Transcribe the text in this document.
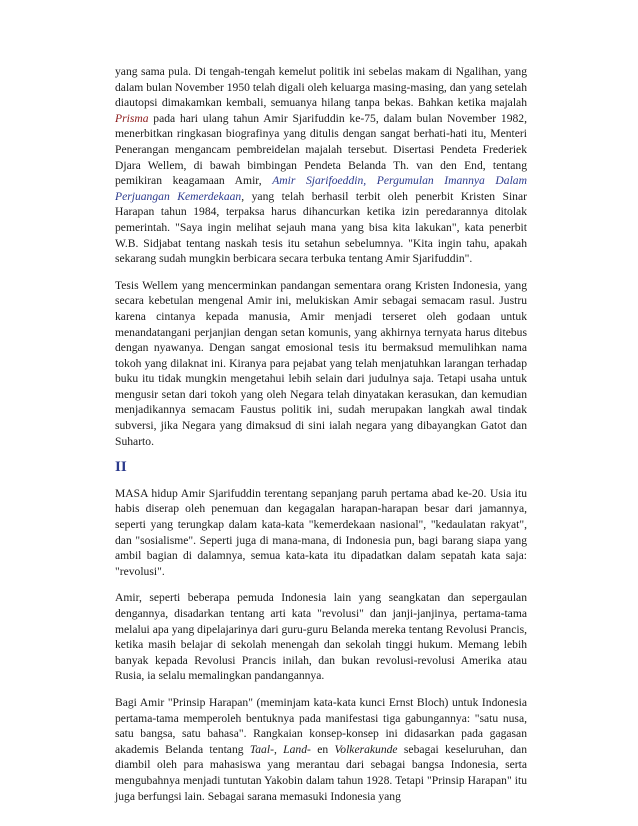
yang sama pula. Di tengah-tengah kemelut politik ini sebelas makam di Ngalihan, yang dalam bulan November 1950 telah digali oleh keluarga masing-masing, dan yang setelah diautopsi dimakamkan kembali, semuanya hilang tanpa bekas. Bahkan ketika majalah Prisma pada hari ulang tahun Amir Sjarifuddin ke-75, dalam bulan November 1982, menerbitkan ringkasan biografinya yang ditulis dengan sangat berhati-hati itu, Menteri Penerangan mengancam pembreidelan majalah tersebut. Disertasi Pendeta Frederiek Djara Wellem, di bawah bimbingan Pendeta Belanda Th. van den End, tentang pemikiran keagamaan Amir, Amir Sjarifoeddin, Pergumulan Imannya Dalam Perjuangan Kemerdekaan, yang telah berhasil terbit oleh penerbit Kristen Sinar Harapan tahun 1984, terpaksa harus dihancurkan ketika izin peredarannya ditolak pemerintah. "Saya ingin melihat sejauh mana yang bisa kita lakukan", kata penerbit W.B. Sidjabat tentang naskah tesis itu setahun sebelumnya. "Kita ingin tahu, apakah sekarang sudah mungkin berbicara secara terbuka tentang Amir Sjarifuddin".

Tesis Wellem yang mencerminkan pandangan sementara orang Kristen Indonesia, yang secara kebetulan mengenal Amir ini, melukiskan Amir sebagai semacam rasul. Justru karena cintanya kepada manusia, Amir menjadi terseret oleh godaan untuk menandatangani perjanjian dengan setan komunis, yang akhirnya ternyata harus ditebus dengan nyawanya. Dengan sangat emosional tesis itu bermaksud memulihkan nama tokoh yang dilaknat ini. Kiranya para pejabat yang telah menjatuhkan larangan terhadap buku itu tidak mungkin mengetahui lebih selain dari judulnya saja. Tetapi usaha untuk mengusir setan dari tokoh yang oleh Negara telah dinyatakan kerasukan, dan kemudian menjadikannya semacam Faustus politik ini, sudah merupakan langkah awal tindak subversi, jika Negara yang dimaksud di sini ialah negara yang dibayangkan Gatot dan Suharto.

II

MASA hidup Amir Sjarifuddin terentang sepanjang paruh pertama abad ke-20. Usia itu habis diserap oleh penemuan dan kegagalan harapan-harapan besar dari jamannya, seperti yang terungkap dalam kata-kata "kemerdekaan nasional", "kedaulatan rakyat", dan "sosialisme". Seperti juga di mana-mana, di Indonesia pun, bagi barang siapa yang ambil bagian di dalamnya, semua kata-kata itu dipadatkan dalam sepatah kata saja: "revolusi".

Amir, seperti beberapa pemuda Indonesia lain yang seangkatan dan sepergaulan dengannya, disadarkan tentang arti kata "revolusi" dan janji-janjinya, pertama-tama melalui apa yang dipelajarinya dari guru-guru Belanda mereka tentang Revolusi Prancis, ketika masih belajar di sekolah menengah dan sekolah tinggi hukum. Memang lebih banyak kepada Revolusi Prancis inilah, dan bukan revolusi-revolusi Amerika atau Rusia, ia selalu memalingkan pandangannya.

Bagi Amir "Prinsip Harapan" (meminjam kata-kata kunci Ernst Bloch) untuk Indonesia pertama-tama memperoleh bentuknya pada manifestasi tiga gabungannya: "satu nusa, satu bangsa, satu bahasa". Rangkaian konsep-konsep ini didasarkan pada gagasan akademis Belanda tentang Taal-, Land- en Volkerakunde sebagai keseluruhan, dan diambil oleh para mahasiswa yang merantau dari sebagai bangsa Indonesia, serta mengubahnya menjadi tuntutan Yakobin dalam tahun 1928. Tetapi "Prinsip Harapan" itu juga berfungsi lain. Sebagai sarana memasuki Indonesia yang
